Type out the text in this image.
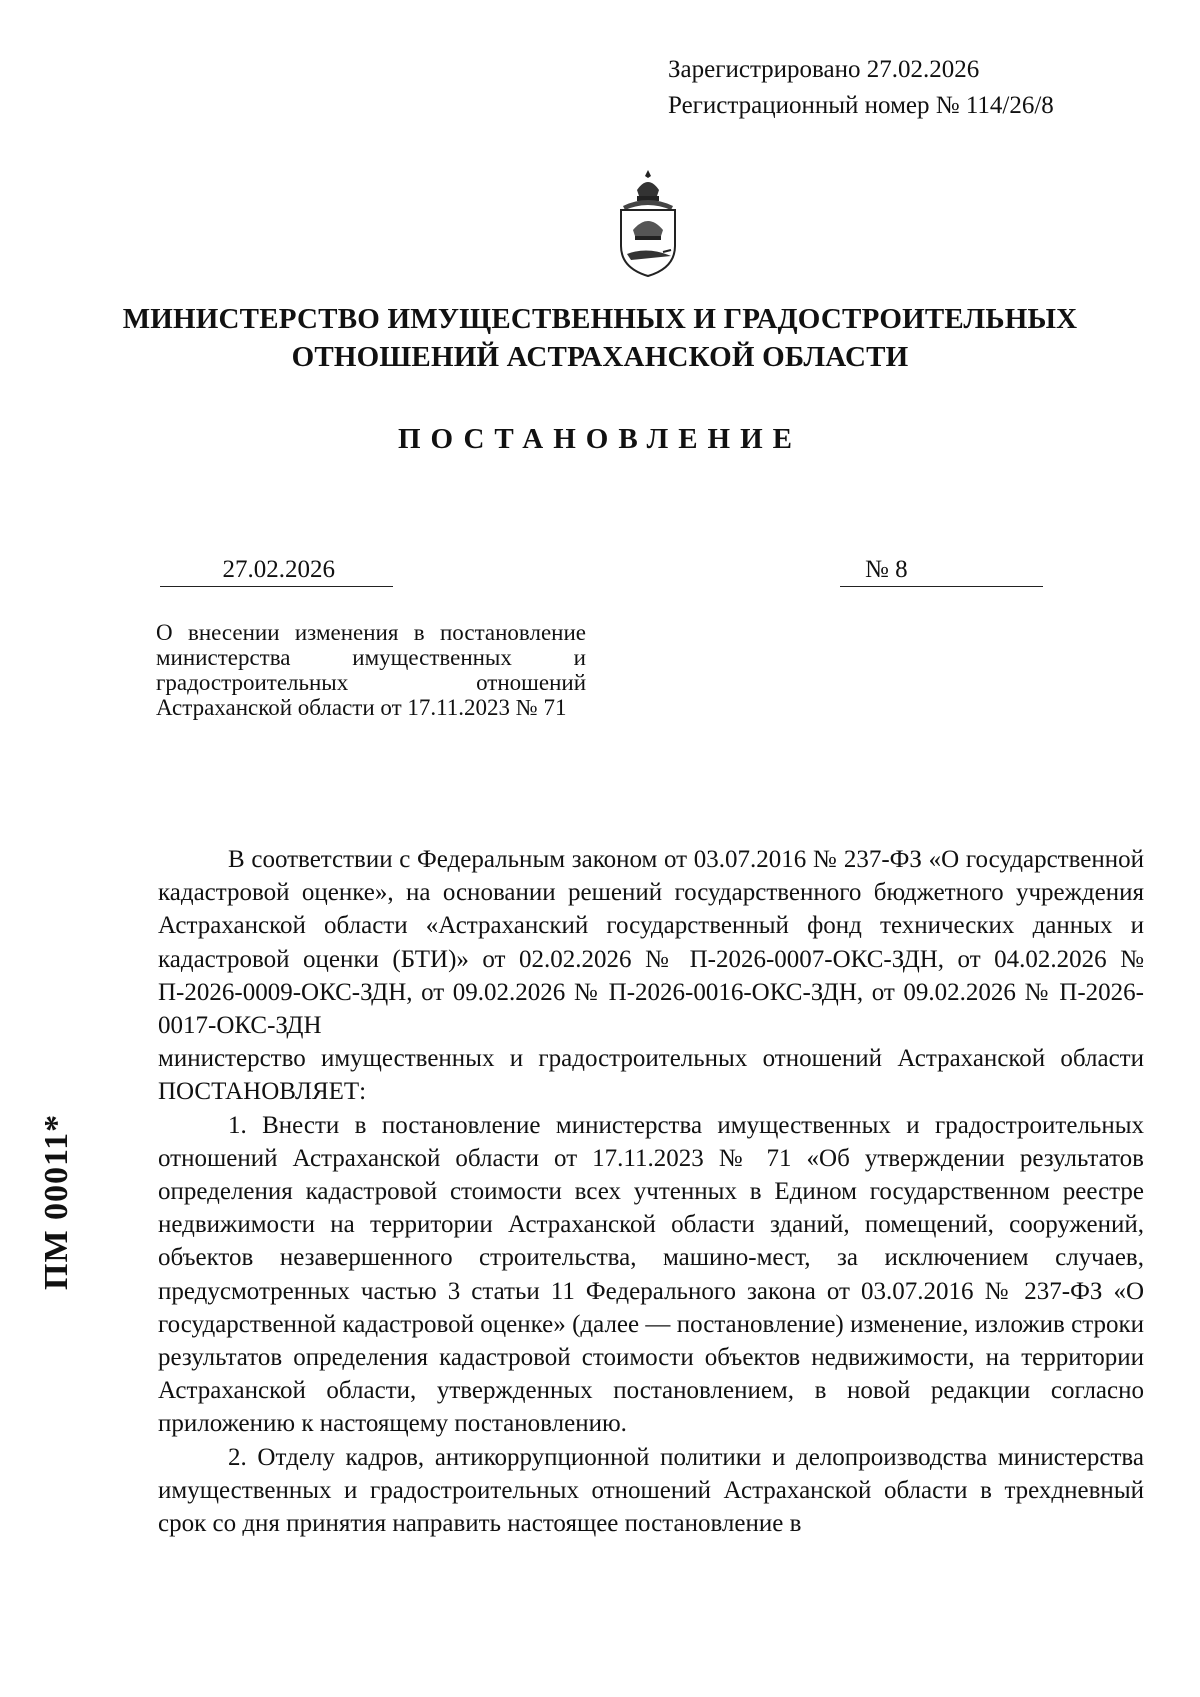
Зарегистрировано 27.02.2026
Регистрационный номер № 114/26/8
МИНИСТЕРСТВО ИМУЩЕСТВЕННЫХ И ГРАДОСТРОИТЕЛЬНЫХ
ОТНОШЕНИЙ АСТРАХАНСКОЙ ОБЛАСТИ
ПОСТАНОВЛЕНИЕ
27.02.2026	№ 8
О внесении изменения в постановление министерства имущественных и градостроительных отношений Астраханской области от 17.11.2023 № 71

В соответствии с Федеральным законом от 03.07.2016 № 237-ФЗ «О государственной кадастровой оценке», на основании решений государственного бюджетного учреждения Астраханской области «Астраханский государственный фонд технических данных и кадастровой оценки (БТИ)» от 02.02.2026 № П-2026-0007-ОКС-ЗДН, от 04.02.2026 № П-2026-0009-ОКС-ЗДН, от 09.02.2026 № П-2026-0016-ОКС-ЗДН, от 09.02.2026 № П-2026-0017-ОКС-ЗДН

министерство имущественных и градостроительных отношений Астраханской области ПОСТАНОВЛЯЕТ:

1. Внести в постановление министерства имущественных и градостроительных отношений Астраханской области от 17.11.2023 № 71 «Об утверждении результатов определения кадастровой стоимости всех учтенных в Едином государственном реестре недвижимости на территории Астраханской области зданий, помещений, сооружений, объектов незавершенного строительства, машино-мест, за исключением случаев, предусмотренных частью 3 статьи 11 Федерального закона от 03.07.2016 № 237-ФЗ «О государственной кадастровой оценке» (далее — постановление) изменение, изложив строки результатов определения кадастровой стоимости объектов недвижимости, на территории Астраханской области, утвержденных постановлением, в новой редакции согласно приложению к настоящему постановлению.

2. Отделу кадров, антикоррупционной политики и делопроизводства министерства имущественных и градостроительных отношений Астраханской области в трехдневный срок со дня принятия направить настоящее постановление в

ПМ 00011*
